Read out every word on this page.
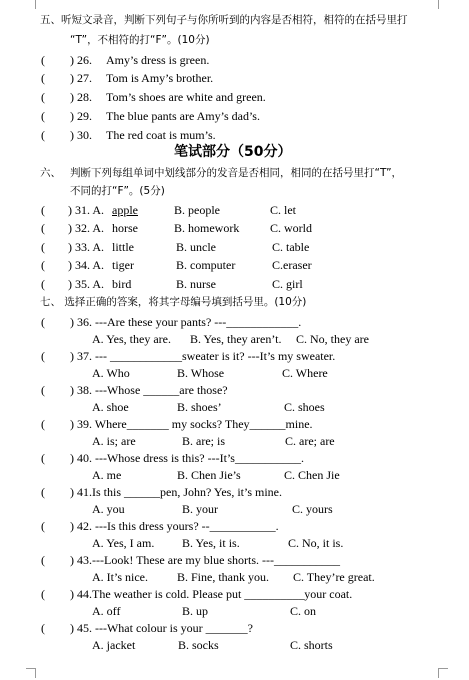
五、听短文录音，判断下列句子与你所听到的内容是否相符，相符的在括号里打
“T”，不相符的打“F”。(10分)
( ) 26. Amy’s dress is green.
( ) 27. Tom is Amy’s brother.
( ) 28. Tom’s shoes are white and green.
( ) 29. The blue pants are Amy’s dad’s.
( ) 30. The red coat is mum’s.
笔试部分（50分）
六、 判断下列每组单词中划线部分的发音是否相同，相同的在括号里打“T”，
不同的打“F”。(5分)
( ) 31. A. apple	B. people	C. let
( ) 32. A. horse	B. homework	C. world
( ) 33. A. little	B. uncle	C. table
( ) 34. A. tiger	B. computer	C.eraser
( ) 35. A. bird	B. nurse	C. girl
七、 选择正确的答案，将其字母编号填到括号里。(10分)
( ) 36. ---Are these your pants? ---____________.
A. Yes, they are. B. Yes, they aren’t. C. No, they are
( ) 37. --- ____________sweater is it? ---It’s my sweater.
A. Who	B. Whose	C. Where
( ) 38. ---Whose ______are those?
A. shoe	B. shoes’	C. shoes
( ) 39. Where_______ my socks? They______mine.
A. is; are	B. are; is	C. are; are
( ) 40. ---Whose dress is this? ---It’s___________.
A. me	B. Chen Jie’s	C. Chen Jie
( ) 41.Is this ______pen, John? Yes, it’s mine.
A. you	B. your	C. yours
( ) 42. ---Is this dress yours? --___________.
A. Yes, I am. B. Yes, it is.	C. No, it is.
( ) 43.---Look! These are my blue shorts. ---___________
A. It’s nice. B. Fine, thank you. C. They’re great.
( ) 44.The weather is cold. Please put __________your coat.
A. off	B. up	C. on
( ) 45. ---What colour is your _______?
A. jacket	B. socks	C. shorts
